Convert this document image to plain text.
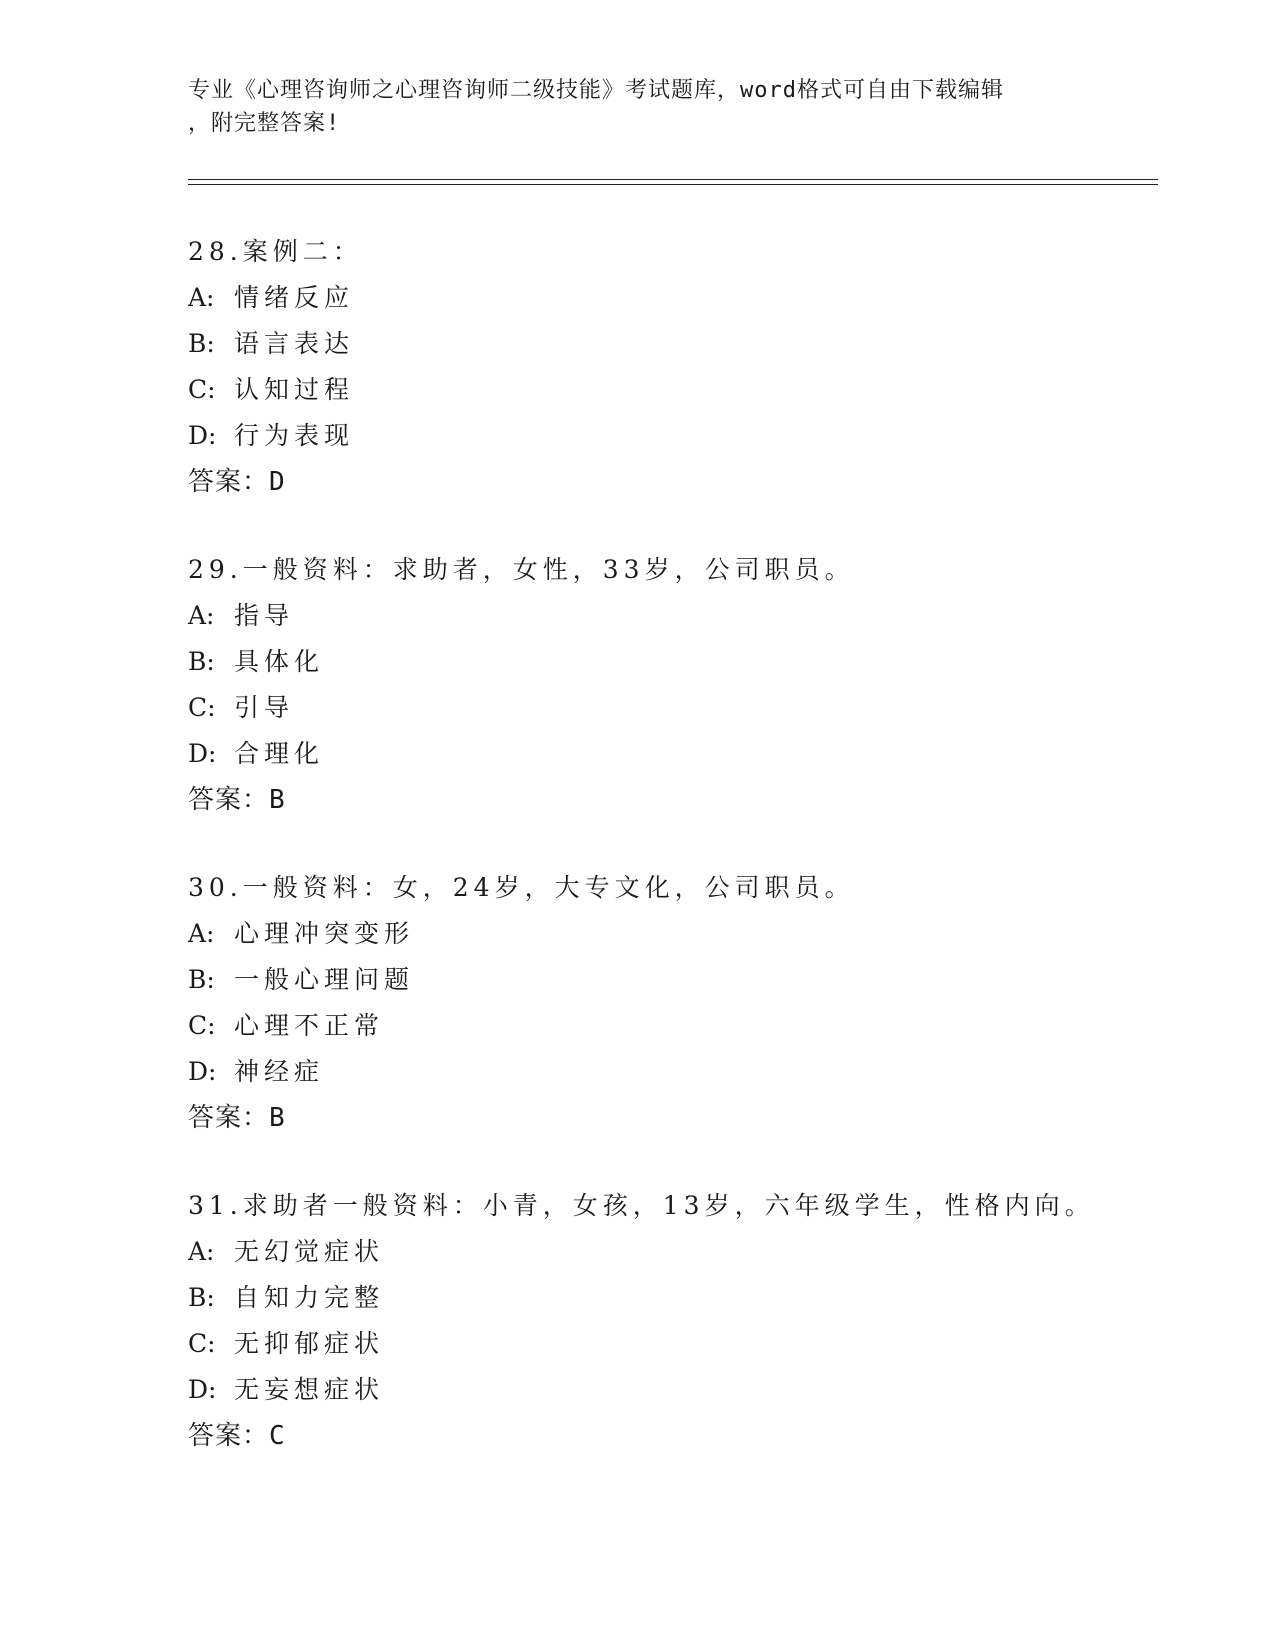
专业《心理咨询师之心理咨询师二级技能》考试题库，word格式可自由下载编辑
，附完整答案!
28.案例二：
A: 情绪反应
B: 语言表达
C: 认知过程
D: 行为表现
答案：D
29.一般资料：求助者，女性，33岁，公司职员。
A: 指导
B: 具体化
C: 引导
D: 合理化
答案：B
30.一般资料：女，24岁，大专文化，公司职员。
A: 心理冲突变形
B: 一般心理问题
C: 心理不正常
D: 神经症
答案：B
31.求助者一般资料：小青，女孩，13岁，六年级学生，性格内向。
A: 无幻觉症状
B: 自知力完整
C: 无抑郁症状
D: 无妄想症状
答案：C
